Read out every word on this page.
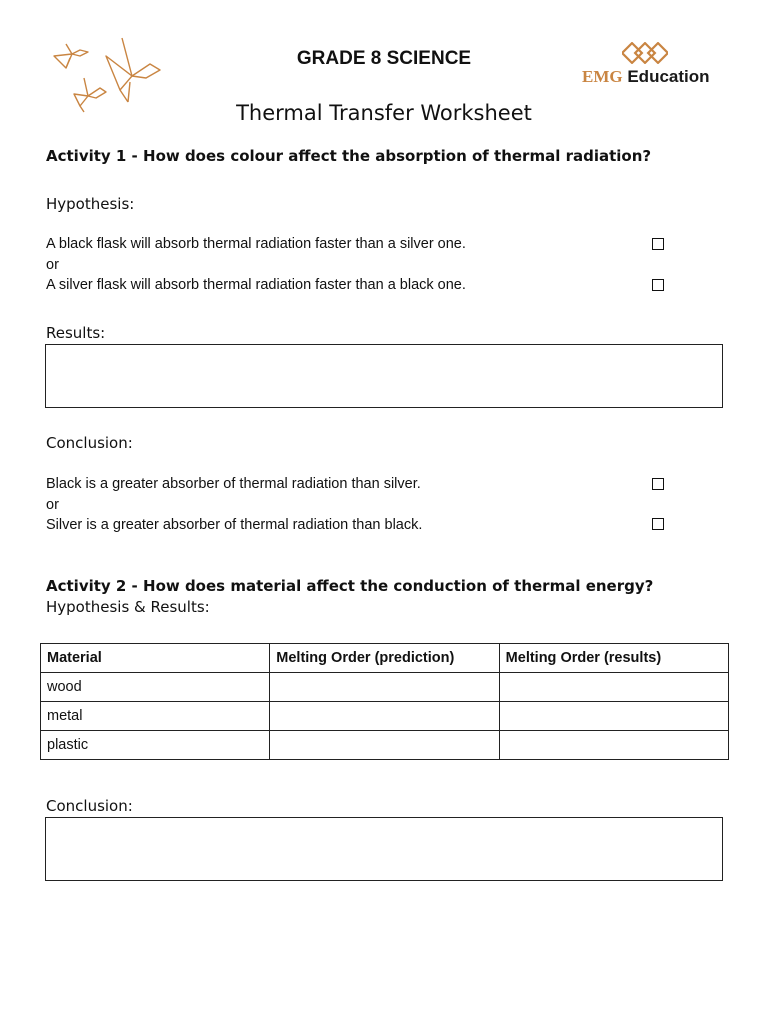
GRADE 8 SCIENCE
EMG Education
Thermal Transfer Worksheet
Activity 1 - How does colour affect the absorption of thermal radiation?
Hypothesis:
A black flask will absorb thermal radiation faster than a silver one.
or
A silver flask will absorb thermal radiation faster than a black one.
Results:
Conclusion:
Black is a greater absorber of thermal radiation than silver.
or
Silver is a greater absorber of thermal radiation than black.
Activity 2 - How does material affect the conduction of thermal energy?
Hypothesis & Results:
Material	Melting Order (prediction)	Melting Order (results)
wood		
metal		
plastic		
Conclusion:
